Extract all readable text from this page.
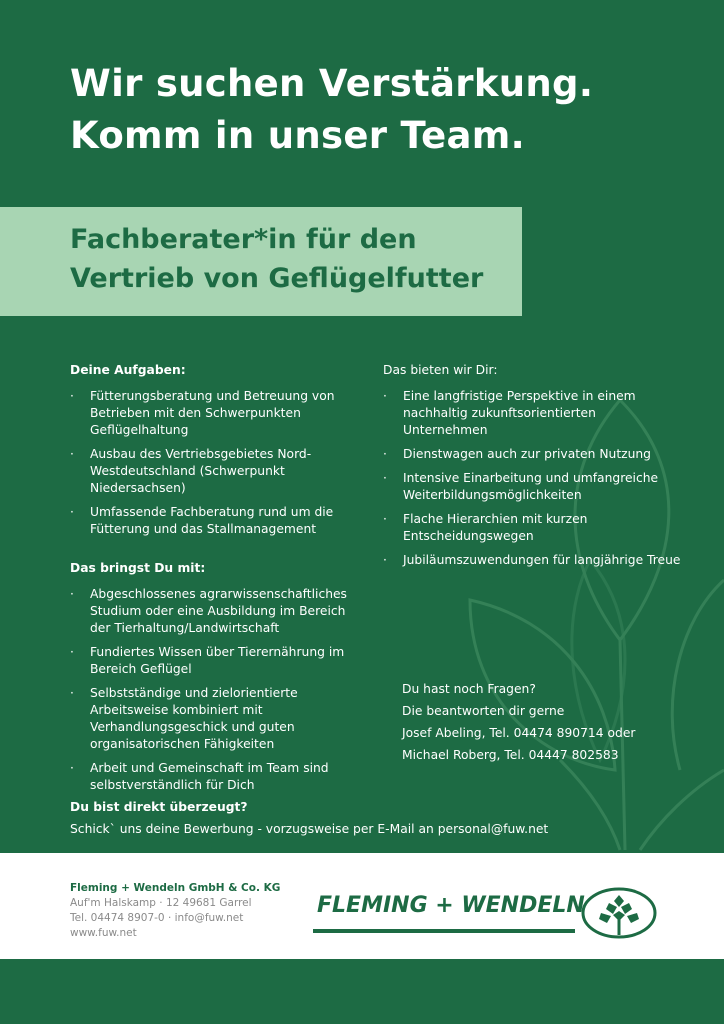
Wir suchen Verstärkung.
Komm in unser Team.
Fachberater*in für den
Vertrieb von Geflügelfutter
Deine Aufgaben:
· Fütterungsberatung und Betreuung von Betrieben mit den Schwerpunkten Geflügelhaltung
· Ausbau des Vertriebsgebietes Nord-Westdeutschland (Schwerpunkt Niedersachsen)
· Umfassende Fachberatung rund um die Fütterung und das Stallmanagement
Das bringst Du mit:
· Abgeschlossenes agrarwissenschaftliches Studium oder eine Ausbildung im Bereich der Tierhaltung/Landwirtschaft
· Fundiertes Wissen über Tierernährung im Bereich Geflügel
· Selbstständige und zielorientierte Arbeitsweise kombiniert mit Verhandlungsgeschick und guten organisatorischen Fähigkeiten
· Arbeit und Gemeinschaft im Team sind selbstverständlich für Dich
Das bieten wir Dir:
· Eine langfristige Perspektive in einem nachhaltig zukunftsorientierten Unternehmen
· Dienstwagen auch zur privaten Nutzung
· Intensive Einarbeitung und umfangreiche Weiterbildungsmöglichkeiten
· Flache Hierarchien mit kurzen Entscheidungswegen
· Jubiläumszuwendungen für langjährige Treue
Du hast noch Fragen?
Die beantworten dir gerne
Josef Abeling, Tel. 04474 890714 oder
Michael Roberg, Tel. 04447 802583
Du bist direkt überzeugt?
Schick` uns deine Bewerbung - vorzugsweise per E-Mail an personal@fuw.net
Fleming + Wendeln GmbH & Co. KG
Auf'm Halskamp · 12 49681 Garrel
Tel. 04474 8907-0 · info@fuw.net
www.fuw.net
FLEMING + WENDELN
